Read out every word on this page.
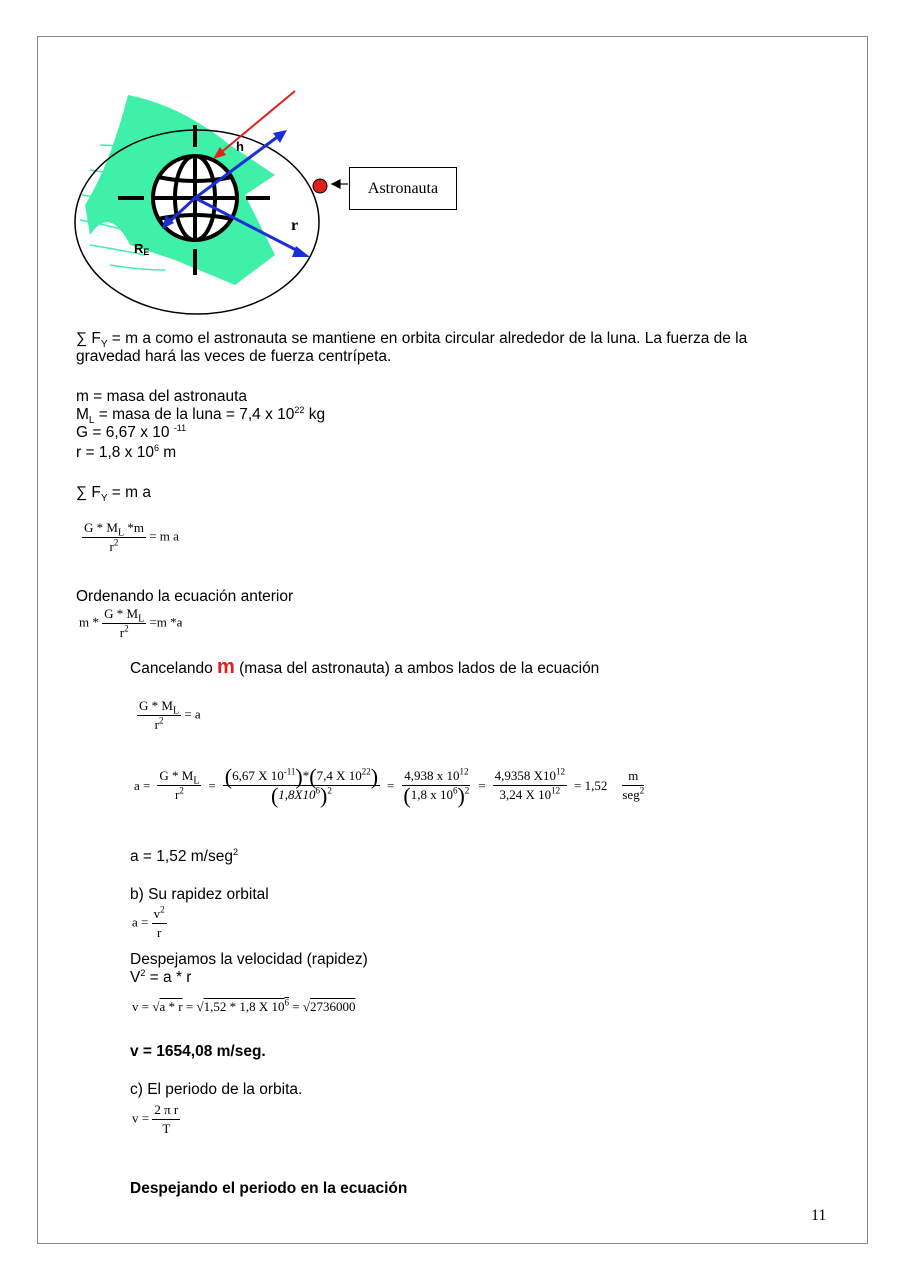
h
r
RE
Astronauta
∑ $F_Y = m$ a como el astronauta se mantiene en orbita circular alrededor de la luna. La fuerza de la
gravedad hará las veces de fuerza centrípeta.
m = masa del astronauta
$M_L$ = masa de la luna = 7,4 x $10^{22}$ kg
G = 6,67 x 10 $^{-11}$
r = 1,8 x $10^6$ m
∑ $F_Y = m$ a
$\frac{G * M_L *m}{r^2} = m$ a
Ordenando la ecuación anterior
$m * \frac{G * M_L}{r^2} =m$ *a
Cancelando m (masa del astronauta) a ambos lados de la ecuación
$\frac{G * M_L}{r^2} = a$
$a = \frac{G * M_L}{r^2} = \frac{(6,67 X 10^{-11})*(7,4 X 10^{22})}{(1,8X10^6)^2} = \frac{4,938 x 10^{12}}{(1,8 x 10^6)^2} = \frac{4,9358 X10^{12}}{3,24 X 10^{12}} = 1,52 \frac{m}{seg^2}$
a = 1,52 m/seg$^2$
b) Su rapidez orbital
$a = \frac{v^2}{r}$
Despejamos la velocidad (rapidez)
$V^2 = a * r$
v = √a * r = √1,52 * 1,8 X $10^6 = √2736000$
v = 1654,08 m/seg.
c) El periodo de la orbita.
$v = \frac{\text{2 π r}}{T}$
Despejando el periodo en la ecuación
11
